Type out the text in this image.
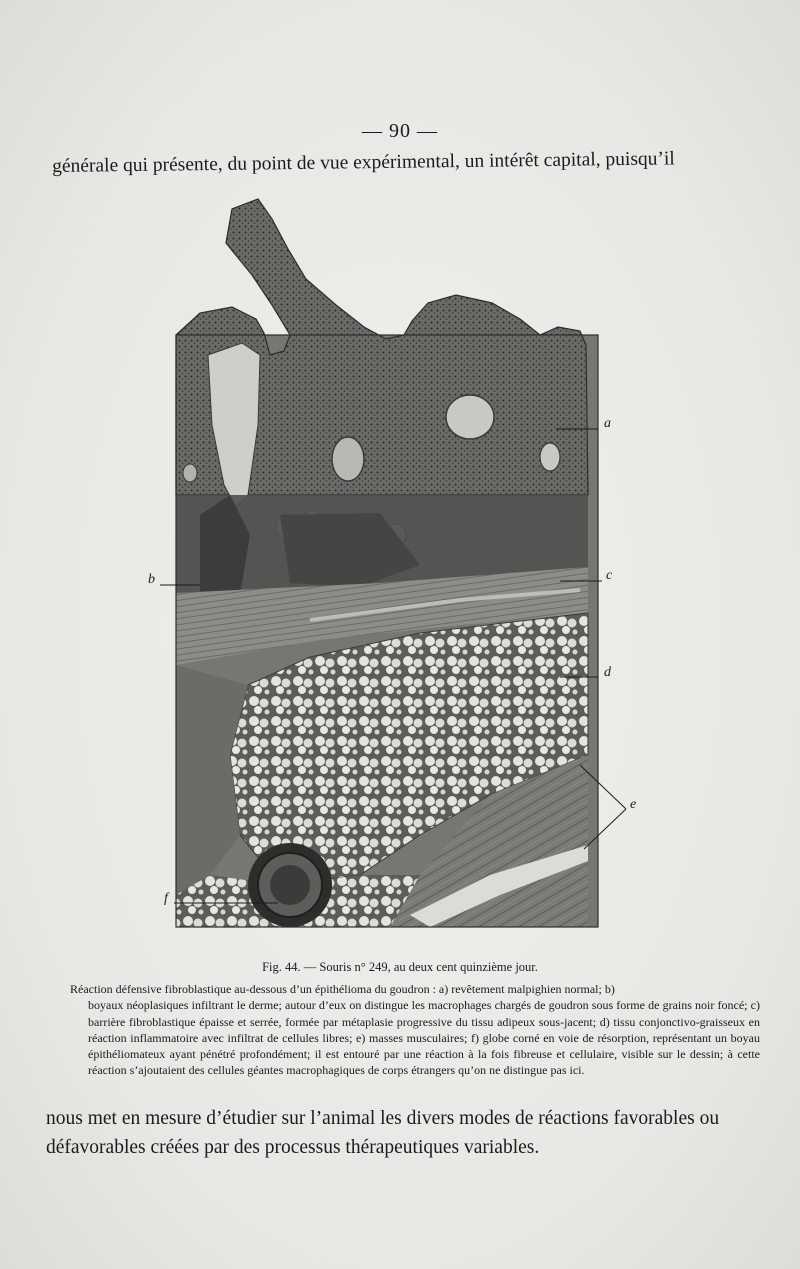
— 90 —
générale qui présente, du point de vue expérimental, un intérêt capital, puisqu’il
a
b	c
d
e
f
Fig. 44. — Souris n° 249, au deux cent quinzième jour.
Réaction défensive fibroblastique au-dessous d’un épithélioma du goudron : a) revêtement malpighien normal; b)
boyaux néoplasiques infiltrant le derme; autour d’eux on distingue les macrophages chargés de goudron sous forme de grains noir foncé; c) barrière fibroblastique épaisse et serrée, formée par métaplasie progressive du tissu adipeux sous-jacent; d) tissu conjonctivo-graisseux en réaction inflammatoire avec infiltrat de cellules libres; e) masses musculaires; f) globe corné en voie de résorption, représentant un boyau épithéliomateux ayant pénétré profondément; il est entouré par une réaction à la fois fibreuse et cellulaire, visible sur le dessin; à cette réaction s’ajoutaient des cellules géantes macrophagiques de corps étrangers qu’on ne distingue pas ici.
nous met en mesure d’étudier sur l’animal les divers modes de réactions favorables ou défavorables créées par des processus thérapeutiques variables.
